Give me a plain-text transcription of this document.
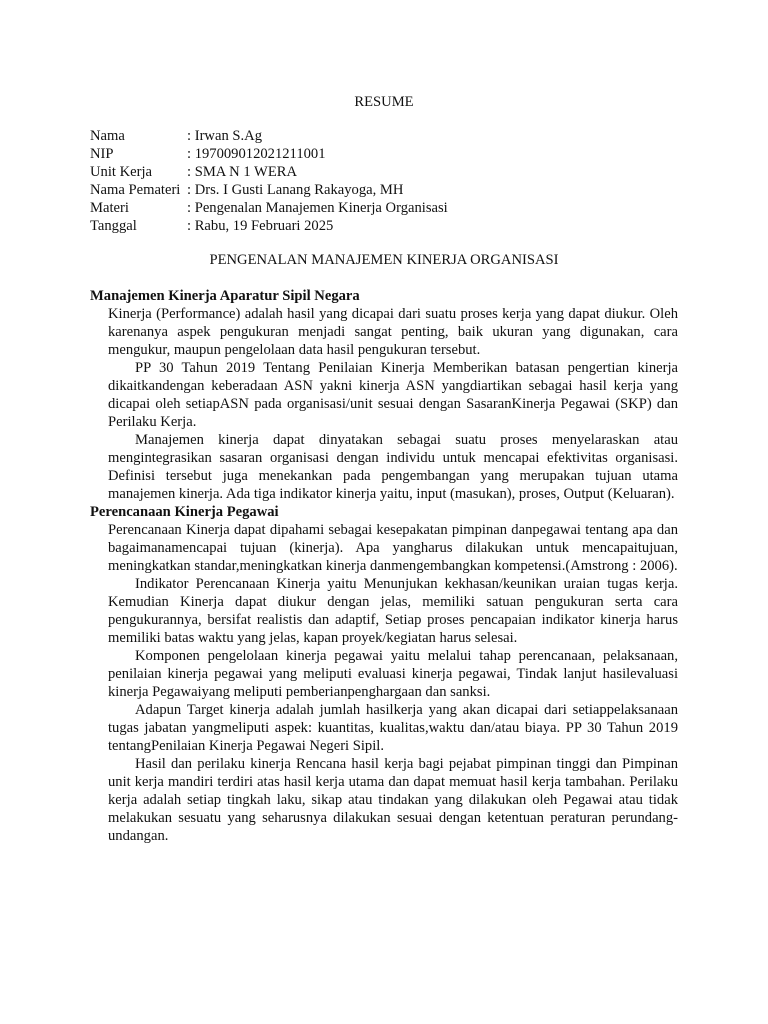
RESUME
Nama	: Irwan S.Ag
NIP	: 197009012021211001
Unit Kerja	: SMA N 1 WERA
Nama Pemateri : Drs. I Gusti Lanang Rakayoga, MH
Materi	: Pengenalan Manajemen Kinerja Organisasi
Tanggal	: Rabu, 19 Februari 2025
PENGENALAN MANAJEMEN KINERJA ORGANISASI
Manajemen Kinerja Aparatur Sipil Negara

Kinerja (Performance) adalah hasil yang dicapai dari suatu proses kerja yang dapat diukur. Oleh karenanya aspek pengukuran menjadi sangat penting, baik ukuran yang digunakan, cara mengukur, maupun pengelolaan data hasil pengukuran tersebut.

PP 30 Tahun 2019 Tentang Penilaian Kinerja Memberikan batasan pengertian kinerja dikaitkandengan keberadaan ASN yakni kinerja ASN yangdiartikan sebagai hasil kerja yang dicapai oleh setiapASN pada organisasi/unit sesuai dengan SasaranKinerja Pegawai (SKP) dan Perilaku Kerja.

Manajemen kinerja dapat dinyatakan sebagai suatu proses menyelaraskan atau mengintegrasikan sasaran organisasi dengan individu untuk mencapai efektivitas organisasi. Definisi tersebut juga menekankan pada pengembangan yang merupakan tujuan utama manajemen kinerja. Ada tiga indikator kinerja yaitu, input (masukan), proses, Output (Keluaran).

Perencanaan Kinerja Pegawai

Perencanaan Kinerja dapat dipahami sebagai kesepakatan pimpinan danpegawai tentang apa dan bagaimanamencapai tujuan (kinerja). Apa yangharus dilakukan untuk mencapaitujuan, meningkatkan standar,meningkatkan kinerja danmengembangkan kompetensi.(Amstrong : 2006).

Indikator Perencanaan Kinerja yaitu Menunjukan kekhasan/keunikan uraian tugas kerja. Kemudian Kinerja dapat diukur dengan jelas, memiliki satuan pengukuran serta cara pengukurannya, bersifat realistis dan adaptif, Setiap proses pencapaian indikator kinerja harus memiliki batas waktu yang jelas, kapan proyek/kegiatan harus selesai.

Komponen pengelolaan kinerja pegawai yaitu melalui tahap perencanaan, pelaksanaan, penilaian kinerja pegawai yang meliputi evaluasi kinerja pegawai, Tindak lanjut hasilevaluasi kinerja Pegawaiyang meliputi pemberianpenghargaan dan sanksi.

Adapun Target kinerja adalah jumlah hasilkerja yang akan dicapai dari setiappelaksanaan tugas jabatan yangmeliputi aspek: kuantitas, kualitas,waktu dan/atau biaya. PP 30 Tahun 2019 tentangPenilaian Kinerja Pegawai Negeri Sipil.

Hasil dan perilaku kinerja Rencana hasil kerja bagi pejabat pimpinan tinggi dan Pimpinan unit kerja mandiri terdiri atas hasil kerja utama dan dapat memuat hasil kerja tambahan. Perilaku kerja adalah setiap tingkah laku, sikap atau tindakan yang dilakukan oleh Pegawai atau tidak melakukan sesuatu yang seharusnya dilakukan sesuai dengan ketentuan peraturan perundang-undangan.
